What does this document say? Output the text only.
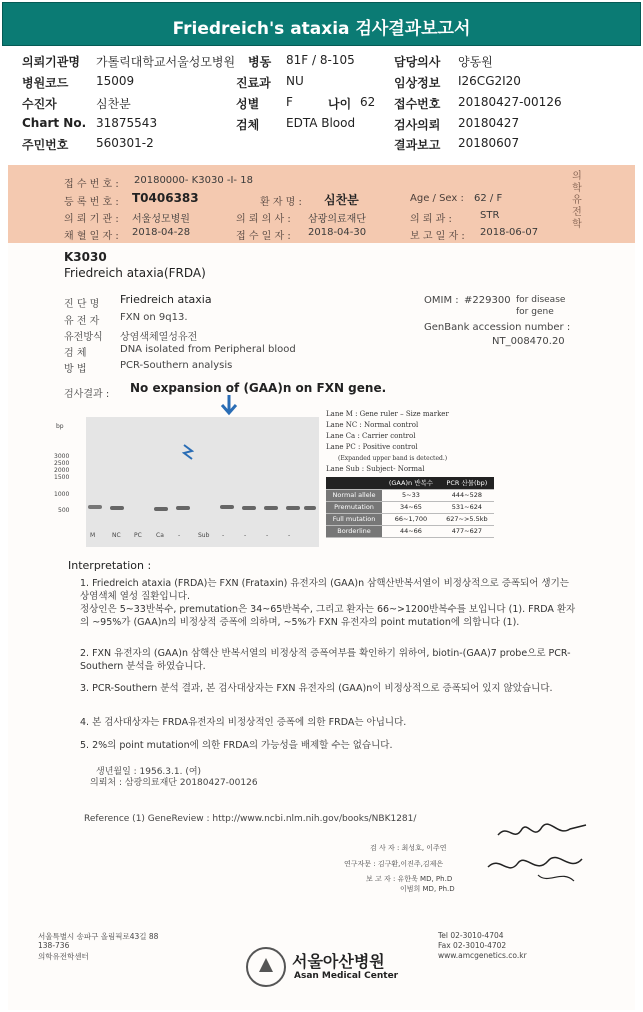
Friedreich's ataxia 검사결과보고서
의뢰기관명 가톨릭대학교서울성모병원 병동 81F / 8-105	담당의사 양동원
병원코드 15009	진료과 NU	임상정보 I26CG2I20
수진자	심찬분	성별 F	나이 62 접수번호 20180427-00126
Chart No. 31875543	검체 EDTA Blood	검사의뢰 20180427
주민번호 560301-2	결과보고 20180607
의학유전학
접 수 번 호 : 20180000- K3030 -I- 18
등 록 번 호 : T0406383	환 자 명 : 심찬분	Age / Sex : 62 / F
의 뢰 기 관 : 서울성모병원	의 뢰 의 사 : 삼광의료재단	의 뢰 과 :	STR
채 혈 일 자 : 2018-04-28	접 수 일 자 : 2018-04-30	보 고 일 자 : 2018-06-07
K3030
Friedreich ataxia(FRDA)
진 단 명 Friedreich ataxia
유 전 자 FXN on 9q13.
유전방식 상염색체열성유전
검 체	DNA isolated from Peripheral blood
방 법	PCR-Southern analysis
OMIM : #229300 for disease
for gene
GenBank accession number :
NT_008470.20
검사결과 : No expansion of (GAA)n on FXN gene.
bp
3000
2500
2000
1500
1000
500
M	NC PC Ca -	Sub -	-	-	-
Lane M : Gene ruler – Size marker
Lane NC : Normal control
Lane Ca : Carrier control
Lane PC : Positive control
(Expanded upper band is detected.)
Lane Sub : Subject- Normal
	(GAA)n 반복수	PCR 산물(bp)
Normal allele	5~33	444~528
Premutation	34~65	531~624
Full mutation	66~1,700	627~>5.5kb
Borderline	44~66	477~627
Interpretation :
1. Friedreich ataxia (FRDA)는 FXN (Frataxin) 유전자의 (GAA)n 삼핵산반복서열이 비정상적으로 증폭되어 생기는 상염색체 열성 질환입니다.
정상인은 5~33반복수, premutation은 34~65반복수, 그리고 환자는 66~>1200반복수를 보입니다 (1). FRDA 환자의 ~95%가 (GAA)n의 비정상적 증폭에 의하며, ~5%가 FXN 유전자의 point mutation에 의합니다 (1).
2. FXN 유전자의 (GAA)n 삼핵산 반복서열의 비정상적 증폭여부를 확인하기 위하여, biotin-(GAA)7 probe으로 PCR-Southern 분석을 하였습니다.
3. PCR-Southern 분석 결과, 본 검사대상자는 FXN 유전자의 (GAA)n이 비정상적으로 증폭되어 있지 않았습니다.
4. 본 검사대상자는 FRDA유전자의 비정상적인 증폭에 의한 FRDA는 아닙니다.
5. 2%의 point mutation에 의한 FRDA의 가능성을 배제할 수는 없습니다.
생년월일 : 1956.3.1. (여)
의뢰처 : 삼광의료재단 20180427-00126
Reference (1) GeneReview : http://www.ncbi.nlm.nih.gov/books/NBK1281/
검 사 자 : 최성호, 이주연
연구자문 : 김구환,이진주,김제은
보 고 자 : 유한욱 MD, Ph.D
이범희 MD, Ph.D
서울특별시 송파구 올림픽로43길 88
138-736
의학유전학센터	서울아산병원
Asan Medical Center
Tel 02-3010-4704
Fax 02-3010-4702
www.amcgenetics.co.kr
